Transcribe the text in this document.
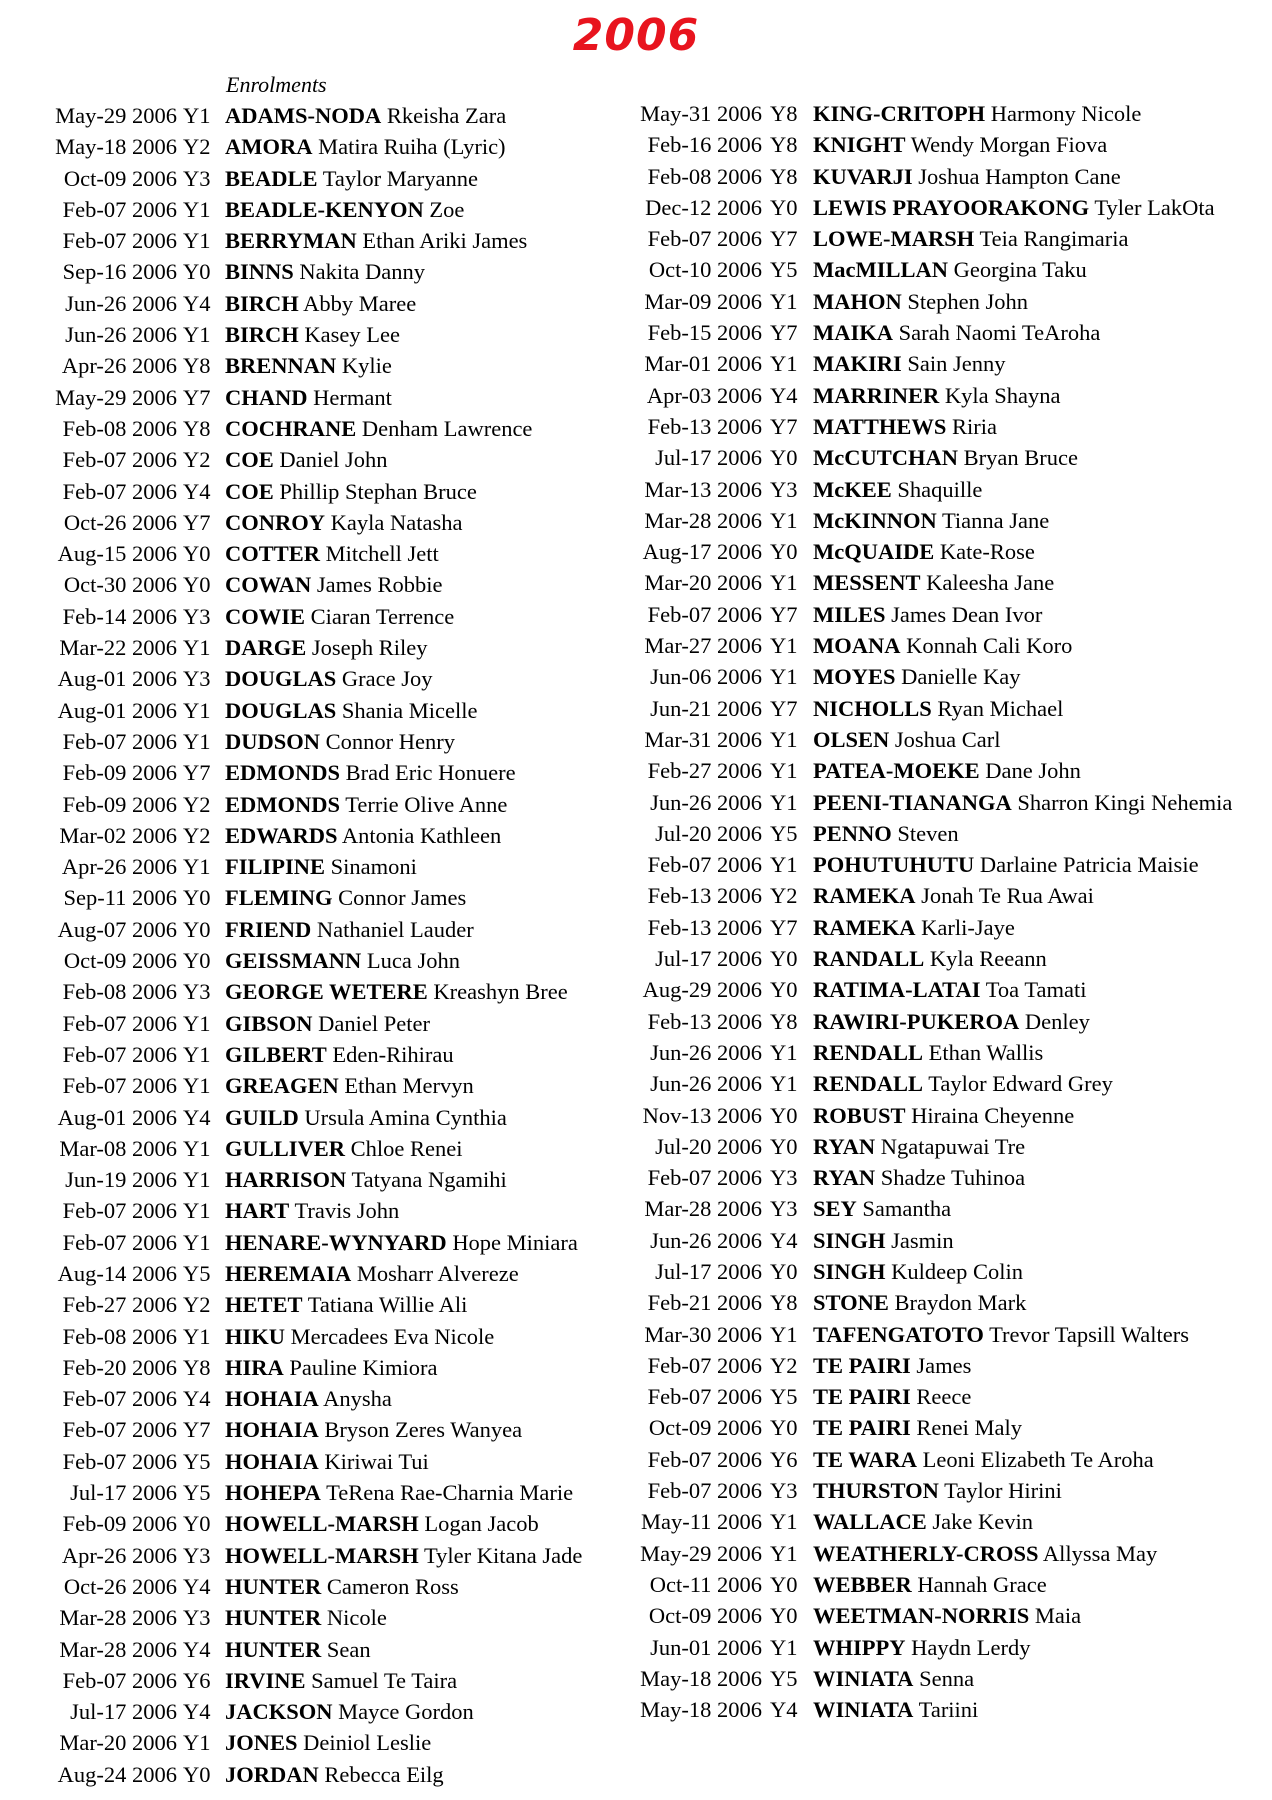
2006
Enrolments
May-29 2006 Y1 ADAMS-NODA Rkeisha Zara
May-18 2006 Y2 AMORA Matira Ruiha (Lyric)
Oct-09 2006 Y3 BEADLE Taylor Maryanne
Feb-07 2006 Y1 BEADLE-KENYON Zoe
Feb-07 2006 Y1 BERRYMAN Ethan Ariki James
Sep-16 2006 Y0 BINNS Nakita Danny
Jun-26 2006 Y4 BIRCH Abby Maree
Jun-26 2006 Y1 BIRCH Kasey Lee
Apr-26 2006 Y8 BRENNAN Kylie
May-29 2006 Y7 CHAND Hermant
Feb-08 2006 Y8 COCHRANE Denham Lawrence
Feb-07 2006 Y2 COE Daniel John
Feb-07 2006 Y4 COE Phillip Stephan Bruce
Oct-26 2006 Y7 CONROY Kayla Natasha
Aug-15 2006 Y0 COTTER Mitchell Jett
Oct-30 2006 Y0 COWAN James Robbie
Feb-14 2006 Y3 COWIE Ciaran Terrence
Mar-22 2006 Y1 DARGE Joseph Riley
Aug-01 2006 Y3 DOUGLAS Grace Joy
Aug-01 2006 Y1 DOUGLAS Shania Micelle
Feb-07 2006 Y1 DUDSON Connor Henry
Feb-09 2006 Y7 EDMONDS Brad Eric Honuere
Feb-09 2006 Y2 EDMONDS Terrie Olive Anne
Mar-02 2006 Y2 EDWARDS Antonia Kathleen
Apr-26 2006 Y1 FILIPINE Sinamoni
Sep-11 2006 Y0 FLEMING Connor James
Aug-07 2006 Y0 FRIEND Nathaniel Lauder
Oct-09 2006 Y0 GEISSMANN Luca John
Feb-08 2006 Y3 GEORGE WETERE Kreashyn Bree
Feb-07 2006 Y1 GIBSON Daniel Peter
Feb-07 2006 Y1 GILBERT Eden-Rihirau
Feb-07 2006 Y1 GREAGEN Ethan Mervyn
Aug-01 2006 Y4 GUILD Ursula Amina Cynthia
Mar-08 2006 Y1 GULLIVER Chloe Renei
Jun-19 2006 Y1 HARRISON Tatyana Ngamihi
Feb-07 2006 Y1 HART Travis John
Feb-07 2006 Y1 HENARE-WYNYARD Hope Miniara
Aug-14 2006 Y5 HEREMAIA Mosharr Alvereze
Feb-27 2006 Y2 HETET Tatiana Willie Ali
Feb-08 2006 Y1 HIKU Mercadees Eva Nicole
Feb-20 2006 Y8 HIRA Pauline Kimiora
Feb-07 2006 Y4 HOHAIA Anysha
Feb-07 2006 Y7 HOHAIA Bryson Zeres Wanyea
Feb-07 2006 Y5 HOHAIA Kiriwai Tui
Jul-17 2006 Y5 HOHEPA TeRena Rae-Charnia Marie
Feb-09 2006 Y0 HOWELL-MARSH Logan Jacob
Apr-26 2006 Y3 HOWELL-MARSH Tyler Kitana Jade
Oct-26 2006 Y4 HUNTER Cameron Ross
Mar-28 2006 Y3 HUNTER Nicole
Mar-28 2006 Y4 HUNTER Sean
Feb-07 2006 Y6 IRVINE Samuel Te Taira
Jul-17 2006 Y4 JACKSON Mayce Gordon
Mar-20 2006 Y1 JONES Deiniol Leslie
Aug-24 2006 Y0 JORDAN Rebecca Eilg
May-31 2006 Y8 KING-CRITOPH Harmony Nicole
Feb-16 2006 Y8 KNIGHT Wendy Morgan Fiova
Feb-08 2006 Y8 KUVARJI Joshua Hampton Cane
Dec-12 2006 Y0 LEWIS PRAYOORAKONG Tyler LakOta
Feb-07 2006 Y7 LOWE-MARSH Teia Rangimaria
Oct-10 2006 Y5 MacMILLAN Georgina Taku
Mar-09 2006 Y1 MAHON Stephen John
Feb-15 2006 Y7 MAIKA Sarah Naomi TeAroha
Mar-01 2006 Y1 MAKIRI Sain Jenny
Apr-03 2006 Y4 MARRINER Kyla Shayna
Feb-13 2006 Y7 MATTHEWS Riria
Jul-17 2006 Y0 McCUTCHAN Bryan Bruce
Mar-13 2006 Y3 McKEE Shaquille
Mar-28 2006 Y1 McKINNON Tianna Jane
Aug-17 2006 Y0 McQUAIDE Kate-Rose
Mar-20 2006 Y1 MESSENT Kaleesha Jane
Feb-07 2006 Y7 MILES James Dean Ivor
Mar-27 2006 Y1 MOANA Konnah Cali Koro
Jun-06 2006 Y1 MOYES Danielle Kay
Jun-21 2006 Y7 NICHOLLS Ryan Michael
Mar-31 2006 Y1 OLSEN Joshua Carl
Feb-27 2006 Y1 PATEA-MOEKE Dane John
Jun-26 2006 Y1 PEENI-TIANANGA Sharron Kingi Nehemia
Jul-20 2006 Y5 PENNO Steven
Feb-07 2006 Y1 POHUTUHUTU Darlaine Patricia Maisie
Feb-13 2006 Y2 RAMEKA Jonah Te Rua Awai
Feb-13 2006 Y7 RAMEKA Karli-Jaye
Jul-17 2006 Y0 RANDALL Kyla Reeann
Aug-29 2006 Y0 RATIMA-LATAI Toa Tamati
Feb-13 2006 Y8 RAWIRI-PUKEROA Denley
Jun-26 2006 Y1 RENDALL Ethan Wallis
Jun-26 2006 Y1 RENDALL Taylor Edward Grey
Nov-13 2006 Y0 ROBUST Hiraina Cheyenne
Jul-20 2006 Y0 RYAN Ngatapuwai Tre
Feb-07 2006 Y3 RYAN Shadze Tuhinoa
Mar-28 2006 Y3 SEY Samantha
Jun-26 2006 Y4 SINGH Jasmin
Jul-17 2006 Y0 SINGH Kuldeep Colin
Feb-21 2006 Y8 STONE Braydon Mark
Mar-30 2006 Y1 TAFENGATOTO Trevor Tapsill Walters
Feb-07 2006 Y2 TE PAIRI James
Feb-07 2006 Y5 TE PAIRI Reece
Oct-09 2006 Y0 TE PAIRI Renei Maly
Feb-07 2006 Y6 TE WARA Leoni Elizabeth Te Aroha
Feb-07 2006 Y3 THURSTON Taylor Hirini
May-11 2006 Y1 WALLACE Jake Kevin
May-29 2006 Y1 WEATHERLY-CROSS Allyssa May
Oct-11 2006 Y0 WEBBER Hannah Grace
Oct-09 2006 Y0 WEETMAN-NORRIS Maia
Jun-01 2006 Y1 WHIPPY Haydn Lerdy
May-18 2006 Y5 WINIATA Senna
May-18 2006 Y4 WINIATA Tariini
